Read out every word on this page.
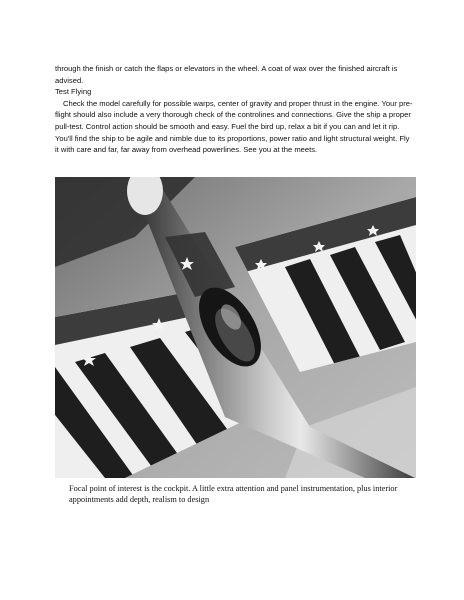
through the finish or catch the flaps or elevators in the wheel. A coat of wax over the finished aircraft is advised.

Test Flying

Check the model carefully for possible warps, center of gravity and proper thrust in the engine. Your pre-flight should also include a very thorough check of the controlines and connections. Give the ship a proper pull-test. Control action should be smooth and easy. Fuel the bird up, relax a bit if you can and let it rip. You'll find the ship to be agile and nimble due to its proportions, power ratio and light structural weight. Fly it with care and far, far away from overhead powerlines. See you at the meets.

Focal point of interest is the cockpit. A little extra attention and panel instrumentation, plus interior appointments add depth, realism to design
